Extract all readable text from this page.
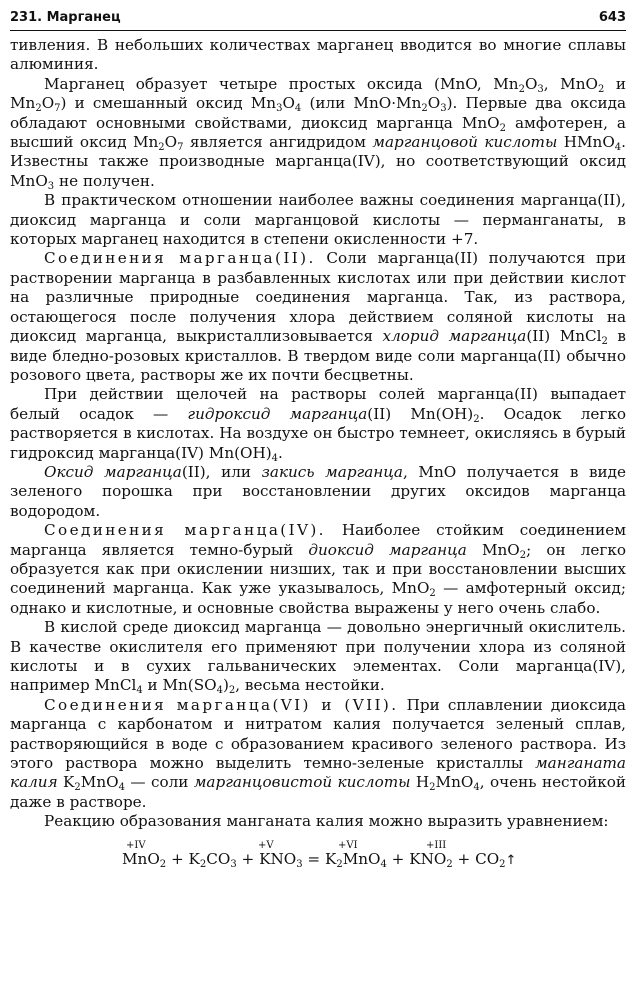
231. Марганец	643

тивления. В небольших количествах марганец вводится во многие сплавы алюминия.

Марганец образует четыре простых оксида (MnO, $Mn_2O_3$, MnO$_2$ и $Mn_2O_7$) и смешанный оксид $Mn_3O_4$ (или $MnO\cdot Mn_2O_3$). Первые два оксида обладают основными свойствами, диоксид марганца MnO$_2$ амфотерен, а высший оксид $Mn_2O_7$ является ангидридом марганцовой кислоты HMnO$_4$. Известны также производные марганца(IV), но соответствующий оксид MnO$_3$ не получен.

В практическом отношении наиболее важны соединения марганца(II), диоксид марганца и соли марганцовой кислоты — перманганаты, в которых марганец находится в степени окисленности +7.

Соединения марганца(II). Соли марганца(II) получаются при растворении марганца в разбавленных кислотах или при действии кислот на различные природные соединения марганца. Так, из раствора, остающегося после получения хлора действием соляной кислоты на диоксид марганца, выкристаллизовывается хлорид марганца(II) MnCl$_2$ в виде бледно-розовых кристаллов. В твердом виде соли марганца(II) обычно розового цвета, растворы же их почти бесцветны.

При действии щелочей на растворы солей марганца(II) выпадает белый осадок — гидроксид марганца(II) $Mn(OH)_2$. Осадок легко растворяется в кислотах. На воздухе он быстро темнеет, окисляясь в бурый гидроксид марганца(IV) $Mn(OH)_4$.

Оксид марганца(II), или закись марганца, MnO получается в виде зеленого порошка при восстановлении других оксидов марганца водородом.

Соединения марганца(IV). Наиболее стойким соединением марганца является темно-бурый диоксид марганца MnO$_2$; он легко образуется как при окислении низших, так и при восстановлении высших соединений марганца. Как уже указывалось, MnO$_2$ — амфотерный оксид; однако и кислотные, и основные свойства выражены у него очень слабо.

В кислой среде диоксид марганца — довольно энергичный окислитель. В качестве окислителя его применяют при получении хлора из соляной кислоты и в сухих гальванических элементах. Соли марганца(IV), например MnCl$_4$ и $Mn(SO_4)_2$, весьма нестойки.

Соединения марганца(VI) и (VII). При сплавлении диоксида марганца с карбонатом и нитратом калия получается зеленый сплав, растворяющийся в воде с образованием красивого зеленого раствора. Из этого раствора можно выделить темно-зеленые кристаллы манганата калия $K_2MnO_4$ — соли марганцовистой кислоты $H_2MnO_4$, очень нестойкой даже в растворе.

Реакцию образования манганата калия можно выразить уравнением:

+IV	+V	+VI	+III
$MnO_2 + K_2CO_3 + KNO_3 = K_2MnO_4 + KNO_2$ + $CO_2↑$
